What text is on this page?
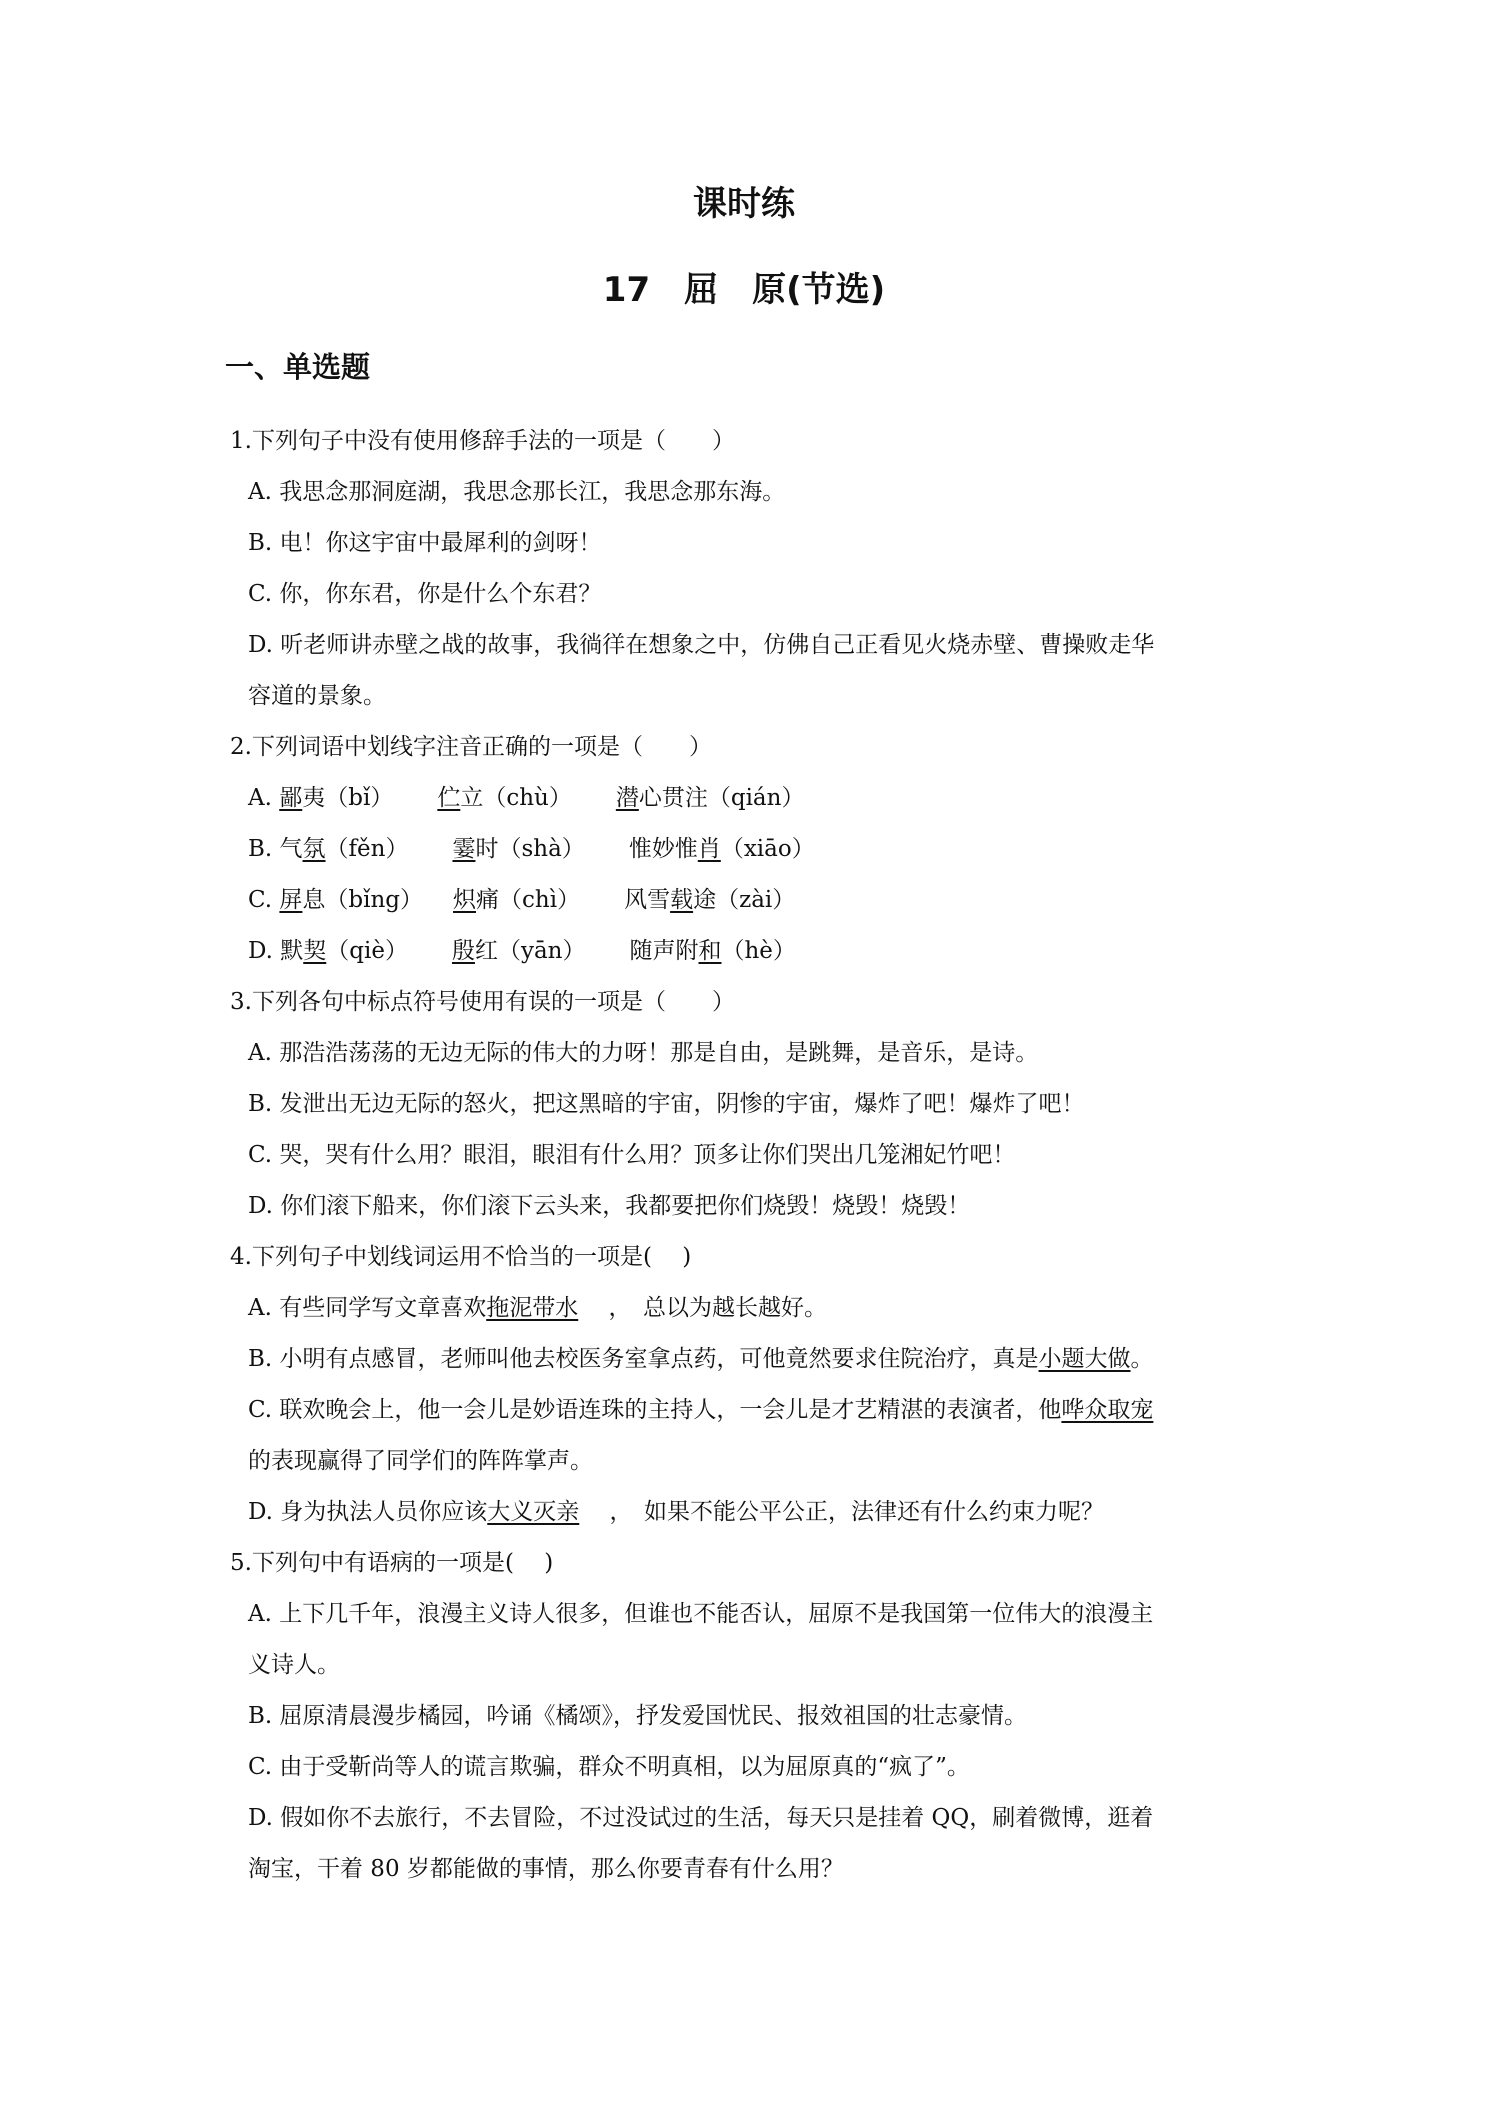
课时练
17　屈　原(节选)
一、单选题

1.下列句子中没有使用修辞手法的一项是（　　）

A. 我思念那洞庭湖，我思念那长江，我思念那东海。

B. 电！你这宇宙中最犀利的剑呀！

C. 你，你东君，你是什么个东君？

D. 听老师讲赤壁之战的故事，我徜徉在想象之中，仿佛自己正看见火烧赤壁、曹操败走华

容道的景象。

2.下列词语中划线字注音正确的一项是（　　）

A. 鄙夷（bǐ） 伫立（chù） 潜心贯注（qián）

B. 气氛（fěn） 霎时（shà） 惟妙惟肖（xiāo）

C. 屏息（bǐng） 炽痛（chì） 风雪载途（zài）

D. 默契（qiè） 殷红（yān） 随声附和（hè）

3.下列各句中标点符号使用有误的一项是（　　）

A. 那浩浩荡荡的无边无际的伟大的力呀！那是自由，是跳舞，是音乐，是诗。

B. 发泄出无边无际的怒火，把这黑暗的宇宙，阴惨的宇宙，爆炸了吧！爆炸了吧！

C. 哭，哭有什么用？眼泪，眼泪有什么用？顶多让你们哭出几笼湘妃竹吧！

D. 你们滚下船来，你们滚下云头来，我都要把你们烧毁！烧毁！烧毁！

4.下列句子中划线词运用不恰当的一项是(　 )

A. 有些同学写文章喜欢拖泥带水　 ，　总以为越长越好。

B. 小明有点感冒，老师叫他去校医务室拿点药，可他竟然要求住院治疗，真是小题大做。

C. 联欢晚会上，他一会儿是妙语连珠的主持人，一会儿是才艺精湛的表演者，他哗众取宠

的表现赢得了同学们的阵阵掌声。

D. 身为执法人员你应该大义灭亲　 ，　如果不能公平公正，法律还有什么约束力呢？

5.下列句中有语病的一项是(　 )

A. 上下几千年，浪漫主义诗人很多，但谁也不能否认，屈原不是我国第一位伟大的浪漫主

义诗人。

B. 屈原清晨漫步橘园，吟诵《橘颂》，抒发爱国忧民、报效祖国的壮志豪情。

C. 由于受靳尚等人的谎言欺骗，群众不明真相，以为屈原真的“疯了”。

D. 假如你不去旅行，不去冒险，不过没试过的生活，每天只是挂着 QQ，刷着微博，逛着

淘宝，干着 80 岁都能做的事情，那么你要青春有什么用？
